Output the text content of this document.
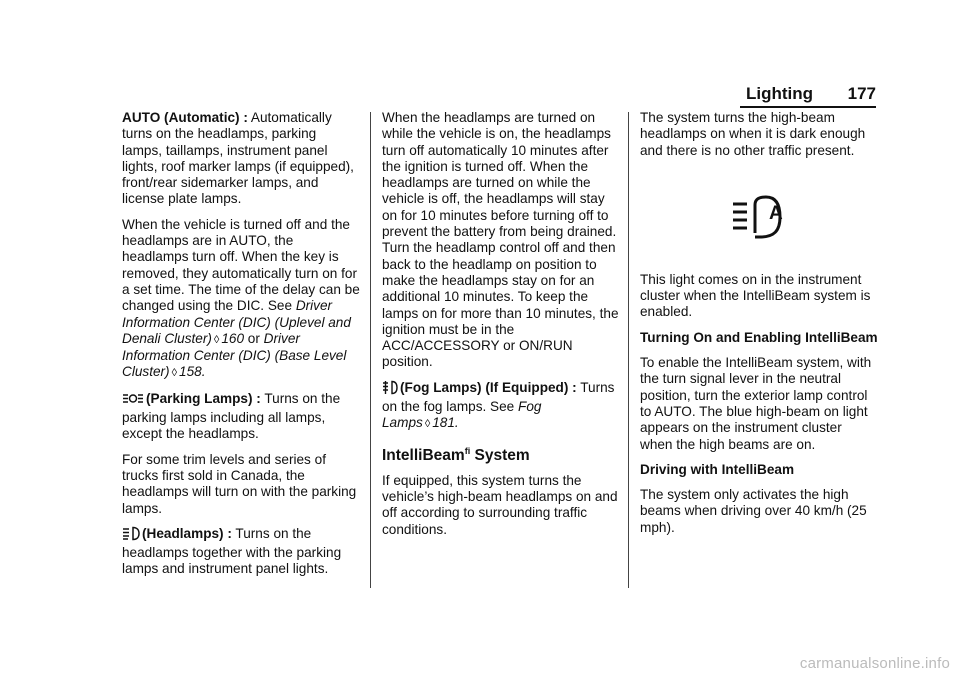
Lighting 177

AUTO (Automatic) : Automatically turns on the headlamps, parking lamps, taillamps, instrument panel lights, roof marker lamps (if equipped), front/rear sidemarker lamps, and license plate lamps.

When the vehicle is turned off and the headlamps are in AUTO, the headlamps turn off. When the key is removed, they automatically turn on for a set time. The time of the delay can be changed using the DIC. See Driver Information Center (DIC) (Uplevel and Denali Cluster) ◊ 160 or Driver Information Center (DIC) (Base Level Cluster) ◊ 158.

(Parking Lamps) : Turns on the parking lamps including all lamps, except the headlamps.

For some trim levels and series of trucks first sold in Canada, the headlamps will turn on with the parking lamps.

(Headlamps) : Turns on the headlamps together with the parking lamps and instrument panel lights.

When the headlamps are turned on while the vehicle is on, the headlamps turn off automatically 10 minutes after the ignition is turned off. When the headlamps are turned on while the vehicle is off, the headlamps will stay on for 10 minutes before turning off to prevent the battery from being drained. Turn the headlamp control off and then back to the headlamp on position to make the headlamps stay on for an additional 10 minutes. To keep the lamps on for more than 10 minutes, the ignition must be in the ACC/ACCESSORY or ON/RUN position.

(Fog Lamps) (If Equipped) : Turns on the fog lamps. See Fog Lamps ◊ 181.

IntelliBeam$^{fi}$ System

If equipped, this system turns the vehicle’s high-beam headlamps on and off according to surrounding traffic conditions.

The system turns the high-beam headlamps on when it is dark enough and there is no other traffic present.

A

This light comes on in the instrument cluster when the IntelliBeam system is enabled.

Turning On and Enabling IntelliBeam

To enable the IntelliBeam system, with the turn signal lever in the neutral position, turn the exterior lamp control to AUTO. The blue high-beam on light appears on the instrument cluster when the high beams are on.

Driving with IntelliBeam

The system only activates the high beams when driving over 40 km/h (25 mph).

carmanualsonline.info
